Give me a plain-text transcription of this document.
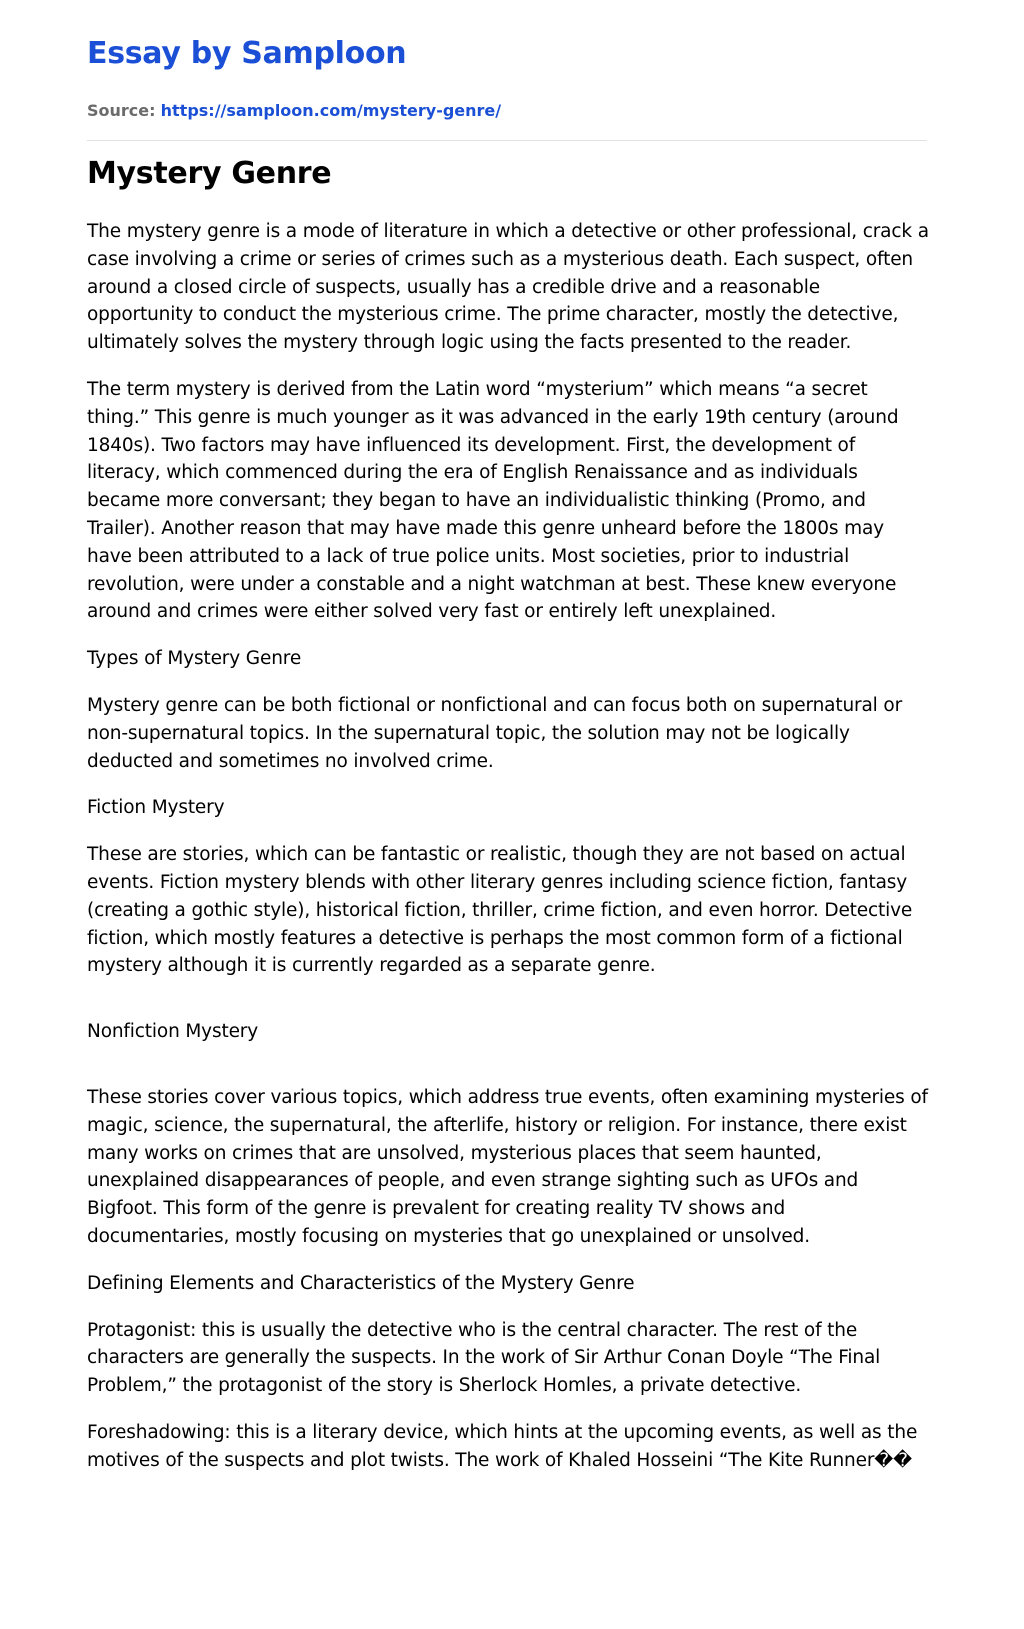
Essay by Samploon
Source: https://samploon.com/mystery-genre/
Mystery Genre

The mystery genre is a mode of literature in which a detective or other professional, crack a case involving a crime or series of crimes such as a mysterious death. Each suspect, often around a closed circle of suspects, usually has a credible drive and a reasonable opportunity to conduct the mysterious crime. The prime character, mostly the detective, ultimately solves the mystery through logic using the facts presented to the reader.

The term mystery is derived from the Latin word “mysterium” which means “a secret thing.” This genre is much younger as it was advanced in the early 19th century (around 1840s). Two factors may have influenced its development. First, the development of literacy, which commenced during the era of English Renaissance and as individuals became more conversant; they began to have an individualistic thinking (Promo, and Trailer). Another reason that may have made this genre unheard before the 1800s may have been attributed to a lack of true police units. Most societies, prior to industrial revolution, were under a constable and a night watchman at best. These knew everyone around and crimes were either solved very fast or entirely left unexplained.

Types of Mystery Genre

Mystery genre can be both fictional or nonfictional and can focus both on supernatural or non-supernatural topics. In the supernatural topic, the solution may not be logically deducted and sometimes no involved crime.

Fiction Mystery

These are stories, which can be fantastic or realistic, though they are not based on actual events. Fiction mystery blends with other literary genres including science fiction, fantasy (creating a gothic style), historical fiction, thriller, crime fiction, and even horror. Detective fiction, which mostly features a detective is perhaps the most common form of a fictional mystery although it is currently regarded as a separate genre.

Nonfiction Mystery

These stories cover various topics, which address true events, often examining mysteries of magic, science, the supernatural, the afterlife, history or religion. For instance, there exist many works on crimes that are unsolved, mysterious places that seem haunted, unexplained disappearances of people, and even strange sighting such as UFOs and Bigfoot. This form of the genre is prevalent for creating reality TV shows and documentaries, mostly focusing on mysteries that go unexplained or unsolved.

Defining Elements and Characteristics of the Mystery Genre

Protagonist: this is usually the detective who is the central character. The rest of the characters are generally the suspects. In the work of Sir Arthur Conan Doyle “The Final Problem,” the protagonist of the story is Sherlock Homles, a private detective.

Foreshadowing: this is a literary device, which hints at the upcoming events, as well as the motives of the suspects and plot twists. The work of Khaled Hosseini “The Kite Runner��
